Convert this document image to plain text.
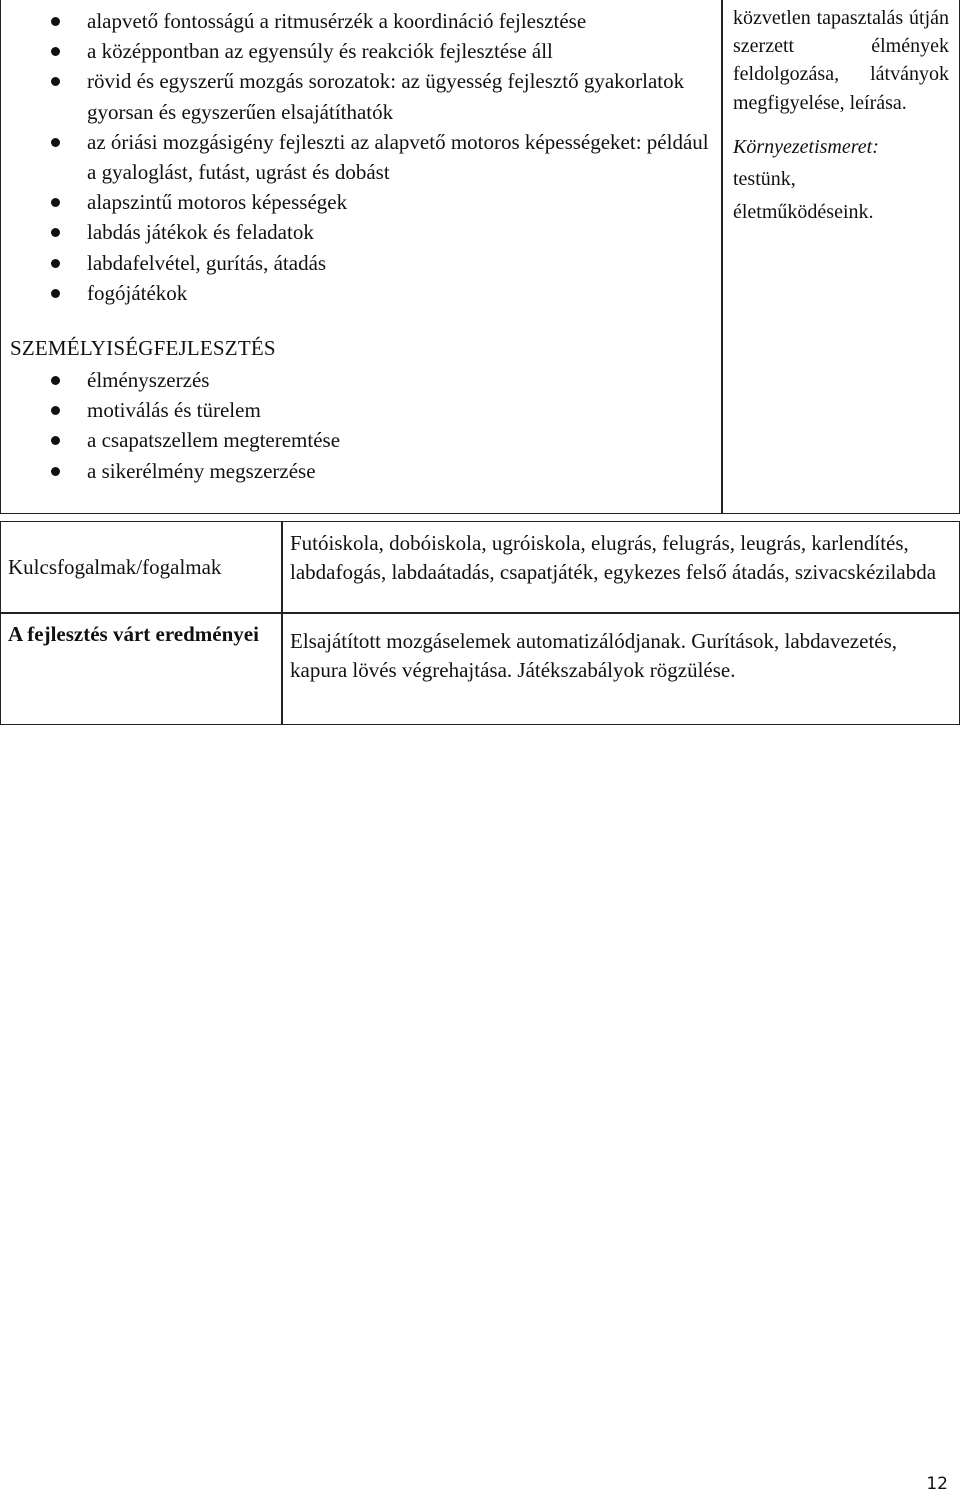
alapvető fontosságú a ritmusérzék a koordináció fejlesztése
a középpontban az egyensúly és reakciók fejlesztése áll
rövid és egyszerű mozgás sorozatok: az ügyesség fejlesztő gyakorlatok gyorsan és egyszerűen elsajátíthatók
az óriási mozgásigény fejleszti az alapvető motoros képességeket: például a gyaloglást, futást, ugrást és dobást
alapszintű motoros képességek
labdás játékok és feladatok
labdafelvétel, gurítás, átadás
fogójátékok
SZEMÉLYISÉGFEJLESZTÉS
élményszerzés
motiválás és türelem
a csapatszellem megteremtése
a sikerélmény megszerzése
közvetlen tapasztalás útján szerzett élmények feldolgozása, látványok megfigyelése, leírása.
Környezetismeret:
testünk,
életműködéseink.
Kulcsfogalmak/fogalmak
Futóiskola, dobóiskola, ugróiskola, elugrás, felugrás, leugrás, karlendítés, labdafogás, labdaátadás, csapatjáték, egykezes felső átadás, szivacskézilabda
A fejlesztés várt eredményei	Elsajátított mozgáselemek automatizálódjanak. Gurítások, labdavezetés, kapura lövés végrehajtása. Játékszabályok rögzülése.
12
